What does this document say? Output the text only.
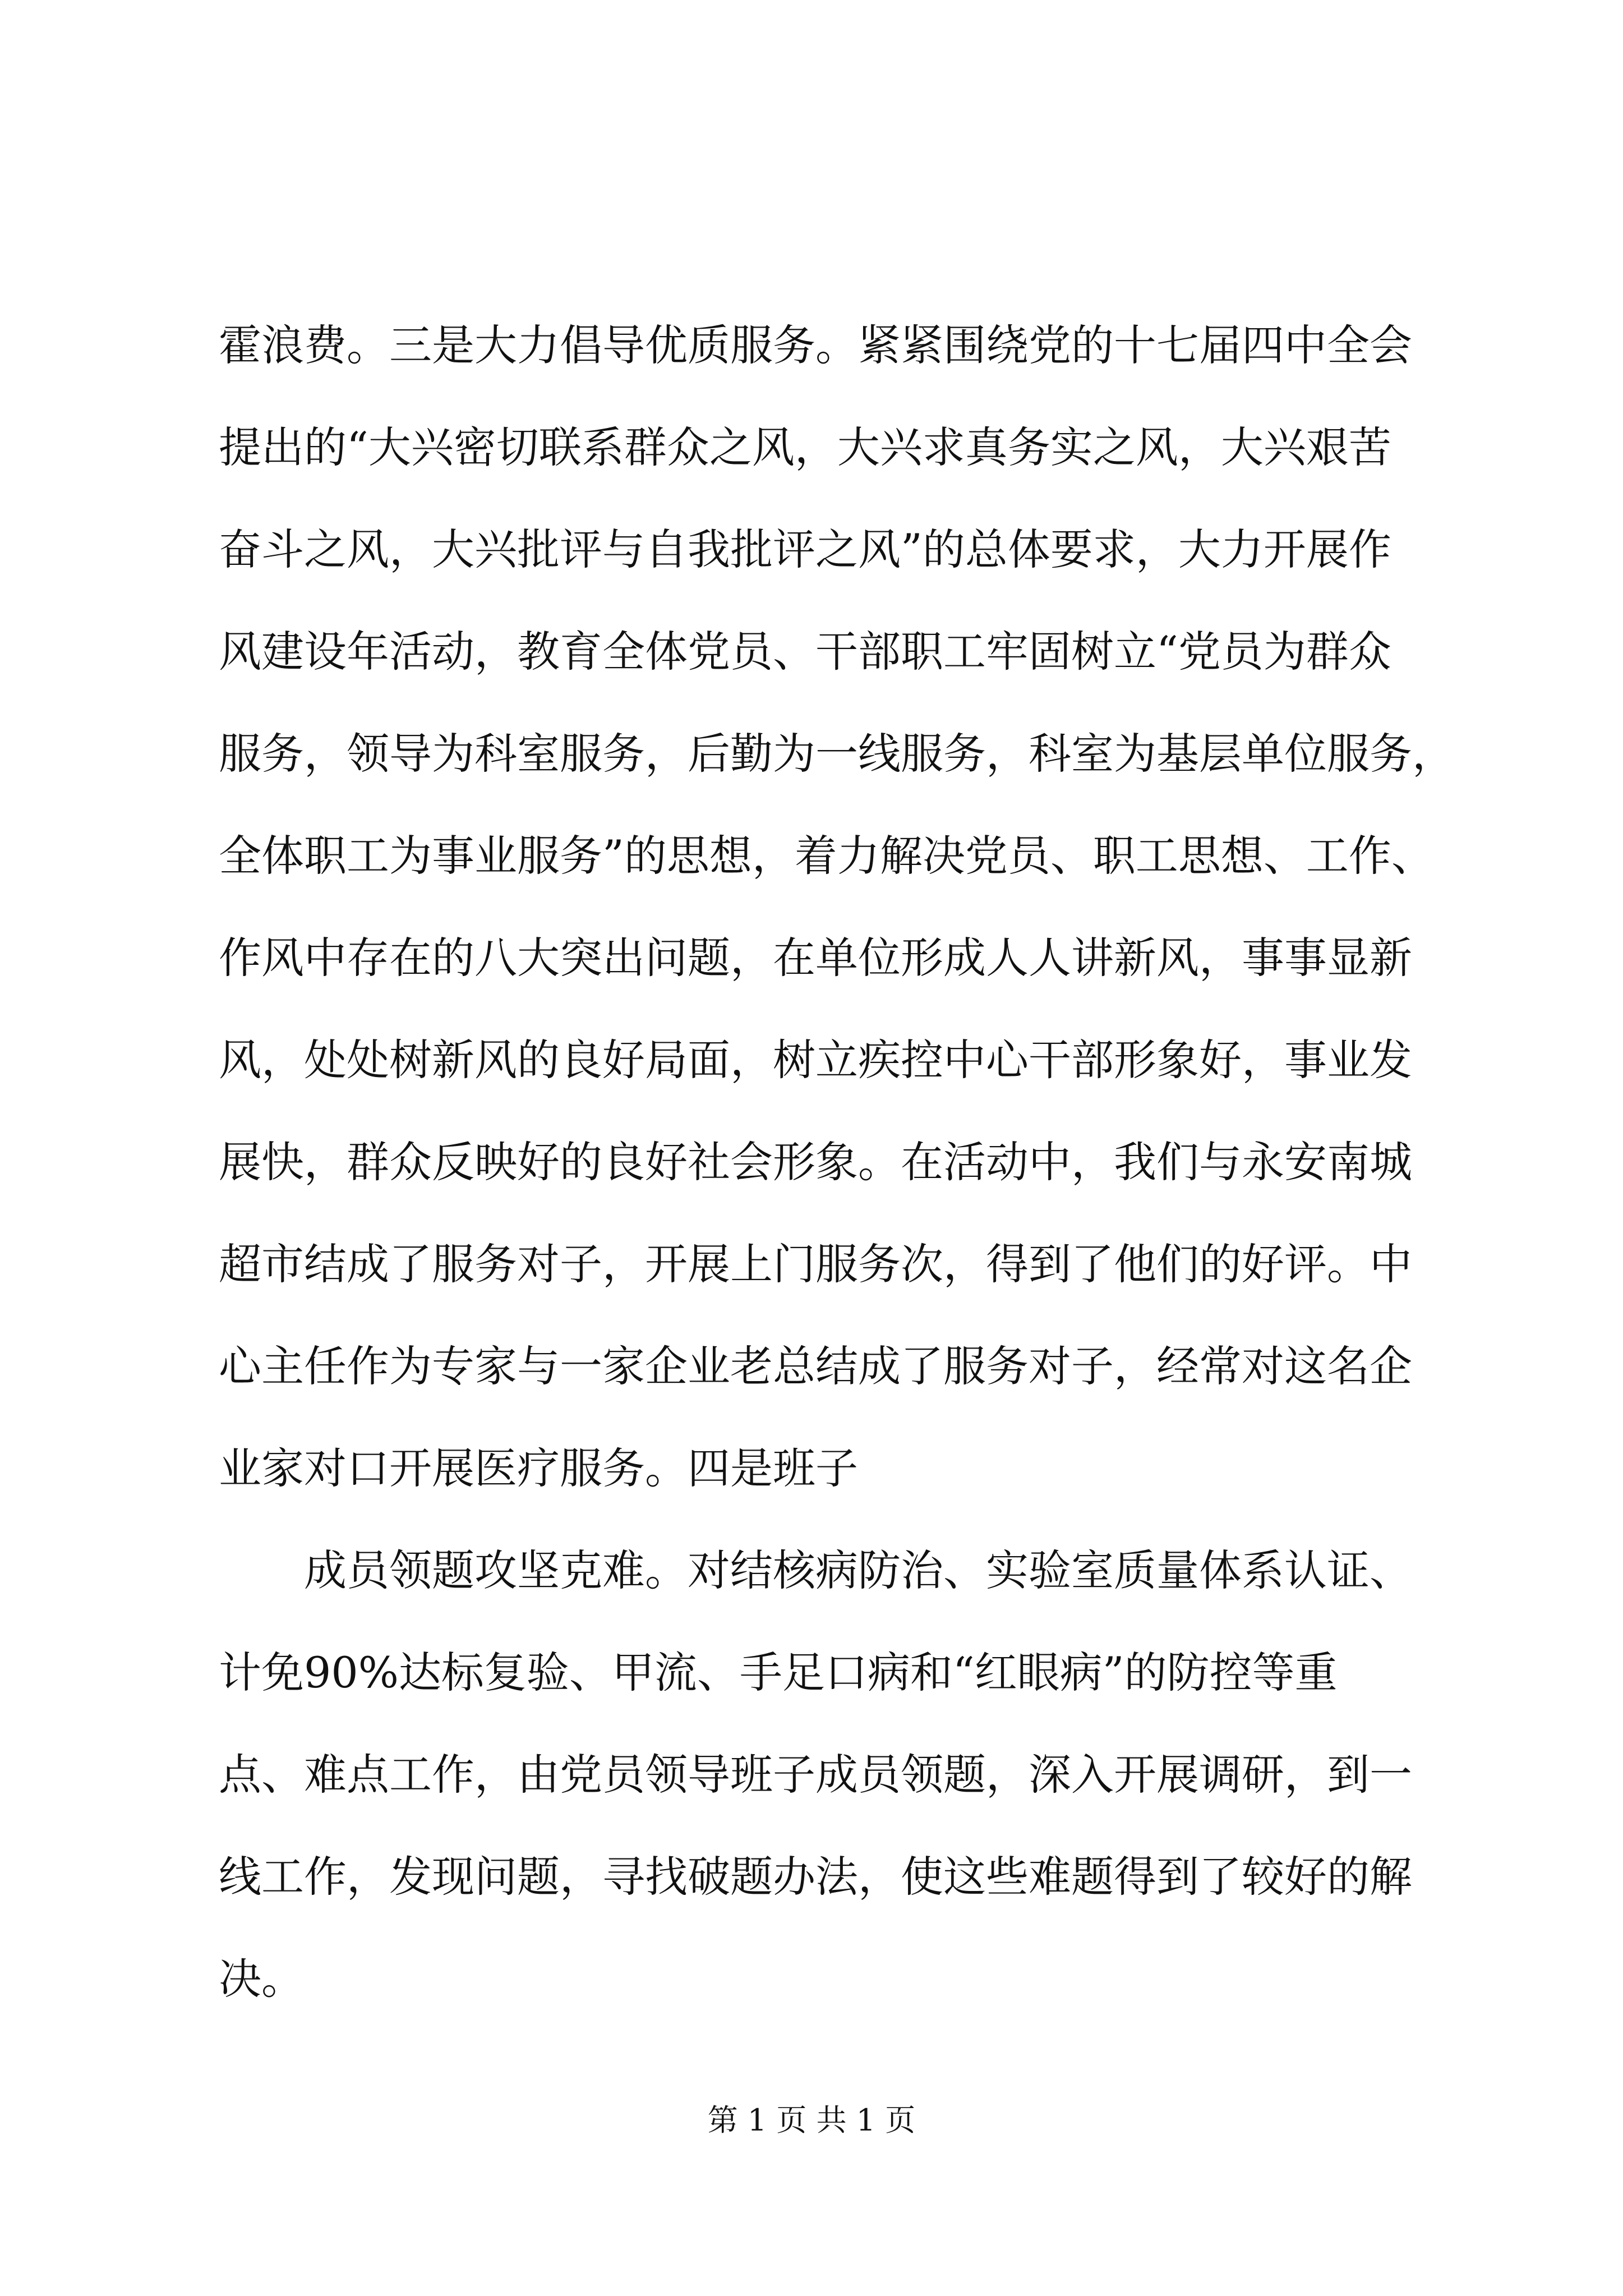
霍浪费。三是大力倡导优质服务。紧紧围绕党的十七届四中全会
提出的“大兴密切联系群众之风，大兴求真务实之风，大兴艰苦
奋斗之风，大兴批评与自我批评之风”的总体要求，大力开展作
风建设年活动，教育全体党员、干部职工牢固树立“党员为群众
服务，领导为科室服务，后勤为一线服务，科室为基层单位服务，
全体职工为事业服务”的思想，着力解决党员、职工思想、工作、
作风中存在的八大突出问题，在单位形成人人讲新风，事事显新
风，处处树新风的良好局面，树立疾控中心干部形象好，事业发
展快，群众反映好的良好社会形象。在活动中，我们与永安南城
超市结成了服务对子，开展上门服务次，得到了他们的好评。中
心主任作为专家与一家企业老总结成了服务对子，经常对这名企
业家对口开展医疗服务。四是班子
成员领题攻坚克难。对结核病防治、实验室质量体系认证、
计免90%达标复验、甲流、手足口病和“红眼病”的防控等重
点、难点工作，由党员领导班子成员领题，深入开展调研，到一
线工作，发现问题，寻找破题办法，使这些难题得到了较好的解
决。
第 1 页 共 1 页
